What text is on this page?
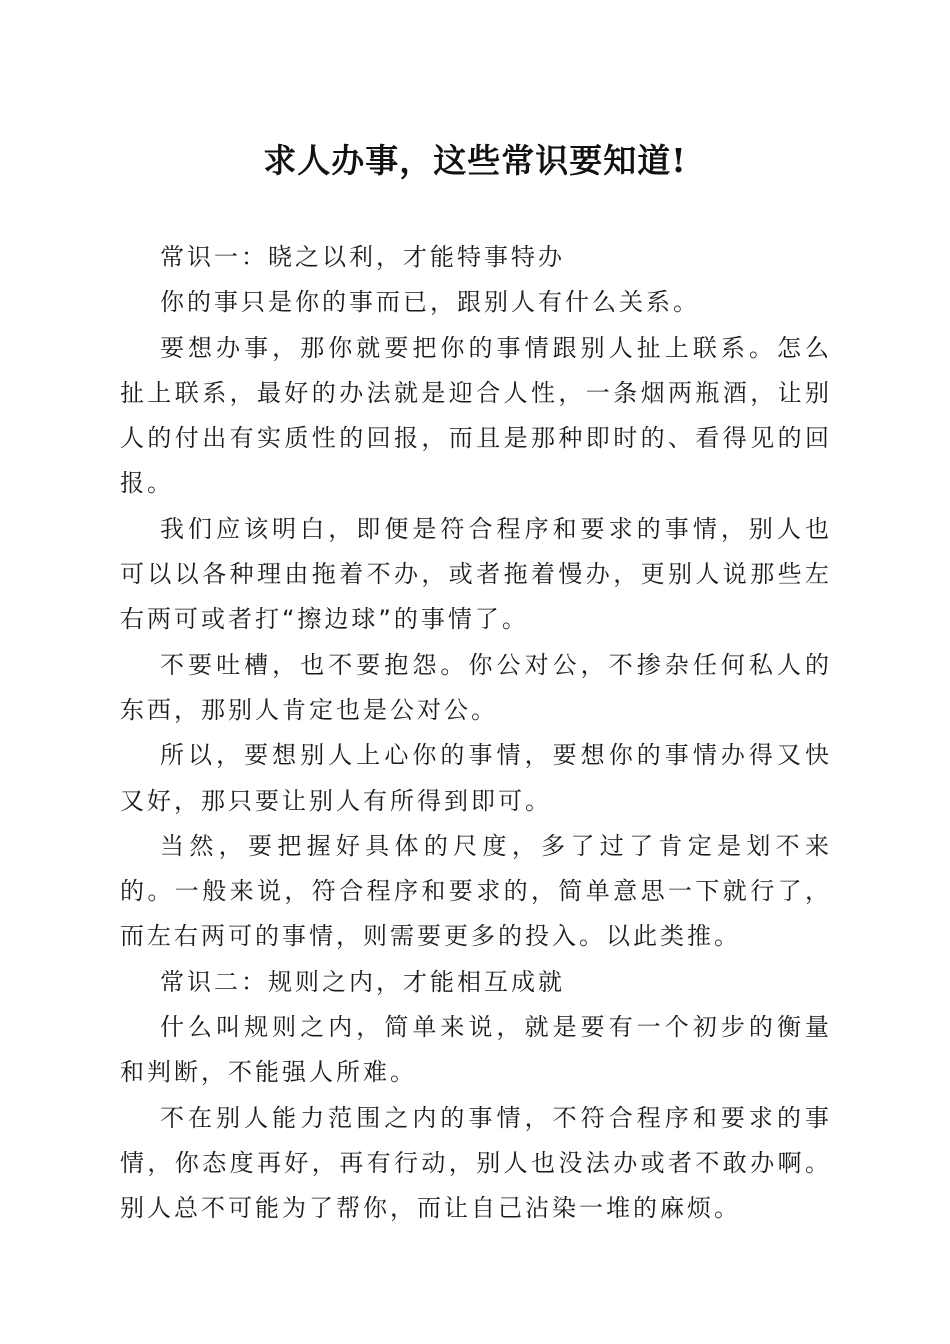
求人办事，这些常识要知道!

常识一：晓之以利，才能特事特办

你的事只是你的事而已，跟别人有什么关系。

要想办事，那你就要把你的事情跟别人扯上联系。怎么扯上联系，最好的办法就是迎合人性，一条烟两瓶酒，让别人的付出有实质性的回报，而且是那种即时的、看得见的回报。

我们应该明白，即便是符合程序和要求的事情，别人也可以以各种理由拖着不办，或者拖着慢办，更别人说那些左右两可或者打“擦边球”的事情了。

不要吐槽，也不要抱怨。你公对公，不掺杂任何私人的东西，那别人肯定也是公对公。

所以，要想别人上心你的事情，要想你的事情办得又快又好，那只要让别人有所得到即可。

当然，要把握好具体的尺度，多了过了肯定是划不来的。一般来说，符合程序和要求的，简单意思一下就行了，而左右两可的事情，则需要更多的投入。以此类推。

常识二：规则之内，才能相互成就

什么叫规则之内，简单来说，就是要有一个初步的衡量和判断，不能强人所难。

不在别人能力范围之内的事情，不符合程序和要求的事情，你态度再好，再有行动，别人也没法办或者不敢办啊。别人总不可能为了帮你，而让自己沾染一堆的麻烦。
